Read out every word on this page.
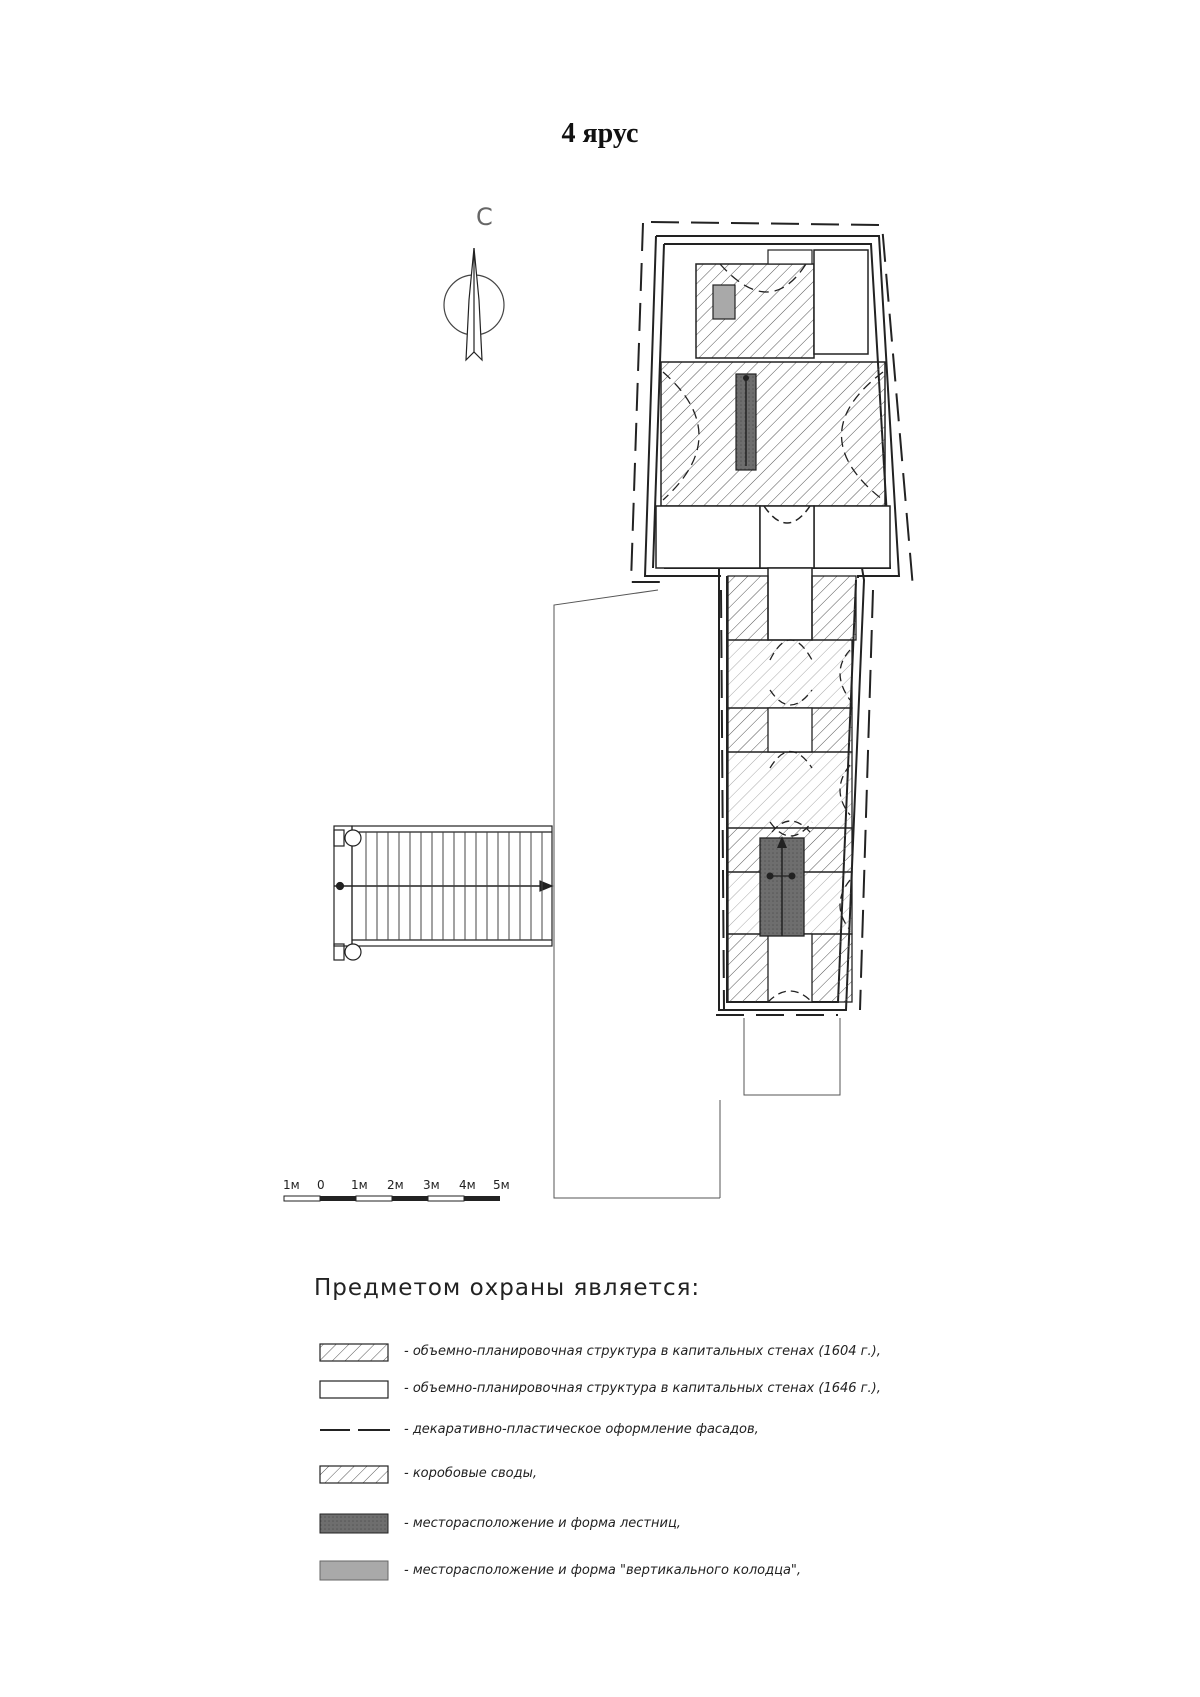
4 ярус
С
1м 0 1м 2м 3м 4м 5м
Предметом охраны является:
- объемно-планировочная структура в капитальных стенах (1604 г.),
- объемно-планировочная структура в капитальных стенах (1646 г.),
- декаративно-пластическое оформление фасадов,
- коробовые своды,
- месторасположение и форма лестниц,
- месторасположение и форма "вертикального колодца",
